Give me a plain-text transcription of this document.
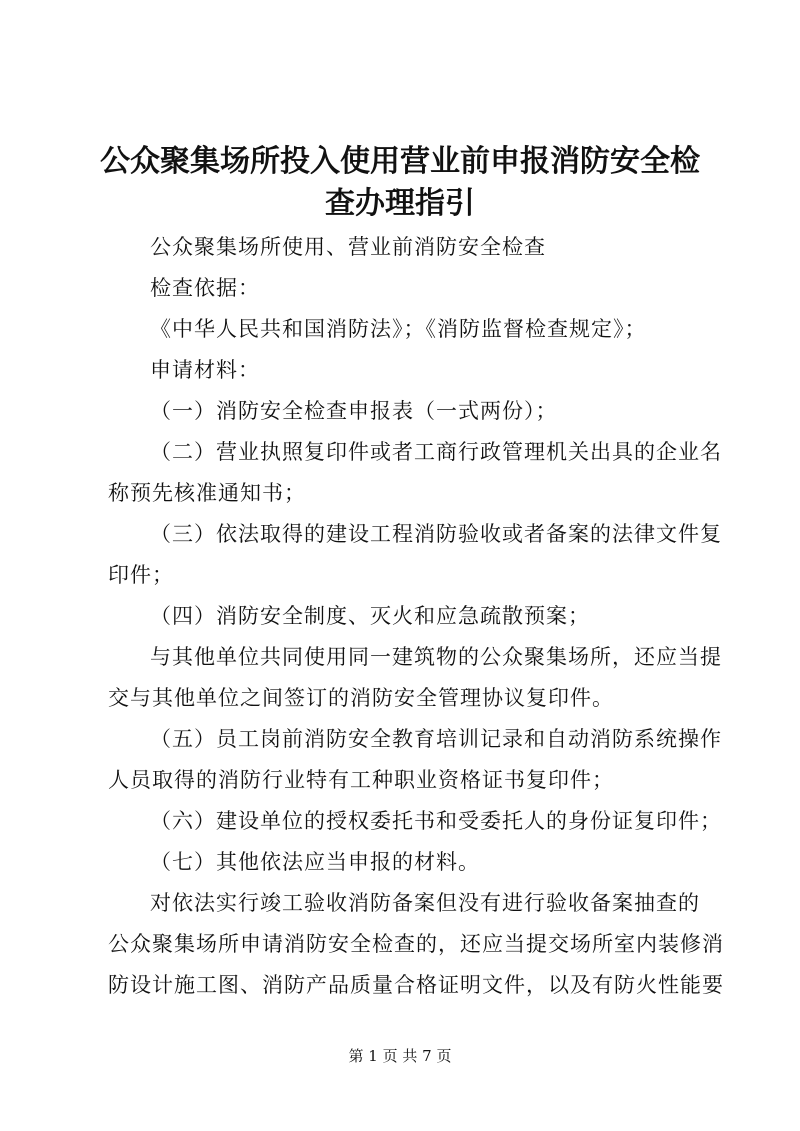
公众聚集场所投入使用营业前申报消防安全检
查办理指引

公众聚集场所使用、营业前消防安全检查

检查依据：

《中华人民共和国消防法》；《消防监督检查规定》；

申请材料：

（一）消防安全检查申报表（一式两份）；

（二）营业执照复印件或者工商行政管理机关出具的企业名

称预先核准通知书；

（三）依法取得的建设工程消防验收或者备案的法律文件复

印件；

（四）消防安全制度、灭火和应急疏散预案；

与其他单位共同使用同一建筑物的公众聚集场所，还应当提

交与其他单位之间签订的消防安全管理协议复印件。

（五）员工岗前消防安全教育培训记录和自动消防系统操作

人员取得的消防行业特有工种职业资格证书复印件；

（六）建设单位的授权委托书和受委托人的身份证复印件；

（七）其他依法应当申报的材料。

对依法实行竣工验收消防备案但没有进行验收备案抽查的

公众聚集场所申请消防安全检查的，还应当提交场所室内装修消

防设计施工图、消防产品质量合格证明文件，以及有防火性能要

第 1 页 共 7 页
